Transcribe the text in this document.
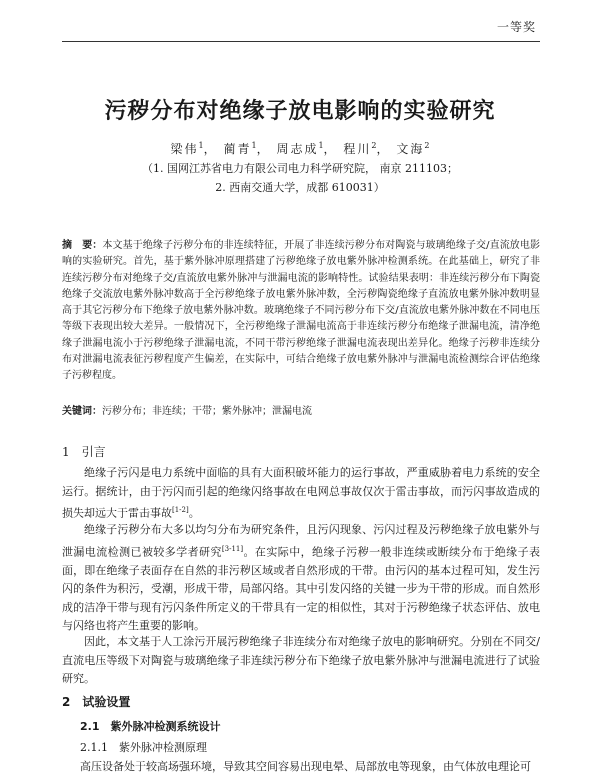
一等奖
污秽分布对绝缘子放电影响的实验研究
梁伟$^1$， 蔺青$^1$， 周志成$^1$， 程川$^2$， 文海$^2$
（1. 国网江苏省电力有限公司电力科学研究院， 南京 211103；
2. 西南交通大学，成都 610031）
摘　要：本文基于绝缘子污秽分布的非连续特征，开展了非连续污秽分布对陶瓷与玻璃绝缘子交/直流放电影响的实验研究。首先，基于紫外脉冲原理搭建了污秽绝缘子放电紫外脉冲检测系统。在此基础上，研究了非连续污秽分布对绝缘子交/直流放电紫外脉冲与泄漏电流的影响特性。试验结果表明：非连续污秽分布下陶瓷绝缘子交流放电紫外脉冲数高于全污秽绝缘子放电紫外脉冲数，全污秽陶瓷绝缘子直流放电紫外脉冲数明显高于其它污秽分布下绝缘子放电紫外脉冲数。玻璃绝缘子不同污秽分布下交/直流放电紫外脉冲数在不同电压等级下表现出较大差异。一般情况下，全污秽绝缘子泄漏电流高于非连续污秽分布绝缘子泄漏电流，清净绝缘子泄漏电流小于污秽绝缘子泄漏电流，不同干带污秽绝缘子泄漏电流表现出差异化。绝缘子污秽非连续分布对泄漏电流表征污秽程度产生偏差，在实际中，可结合绝缘子放电紫外脉冲与泄漏电流检测综合评估绝缘子污秽程度。
关键词：污秽分布；非连续；干带；紫外脉冲；泄漏电流
1　引言
绝缘子污闪是电力系统中面临的具有大面积破坏能力的运行事故，严重威胁着电力系统的安全运行。据统计，由于污闪而引起的绝缘闪络事故在电网总事故仅次于雷击事故，而污闪事故造成的损失却远大于雷击事故[1-2]。
绝缘子污秽分布大多以均匀分布为研究条件，且污闪现象、污闪过程及污秽绝缘子放电紫外与泄漏电流检测已被较多学者研究[3-11]。在实际中，绝缘子污秽一般非连续或断续分布于绝缘子表面，即在绝缘子表面存在自然的非污秽区域或者自然形成的干带。由污闪的基本过程可知，发生污闪的条件为积污，受潮，形成干带，局部闪络。其中引发闪络的关键一步为干带的形成。而自然形成的洁净干带与现有污闪条件所定义的干带具有一定的相似性，其对于污秽绝缘子状态评估、放电与闪络也将产生重要的影响。
因此，本文基于人工涂污开展污秽绝缘子非连续分布对绝缘子放电的影响研究。分别在不同交/直流电压等级下对陶瓷与玻璃绝缘子非连续污秽分布下绝缘子放电紫外脉冲与泄漏电流进行了试验研究。
2　试验设置
2.1　紫外脉冲检测系统设计
2.1.1　紫外脉冲检测原理
高压设备处于较高场强环境，导致其空间容易出现电晕、局部放电等现象，由气体放电理论可
